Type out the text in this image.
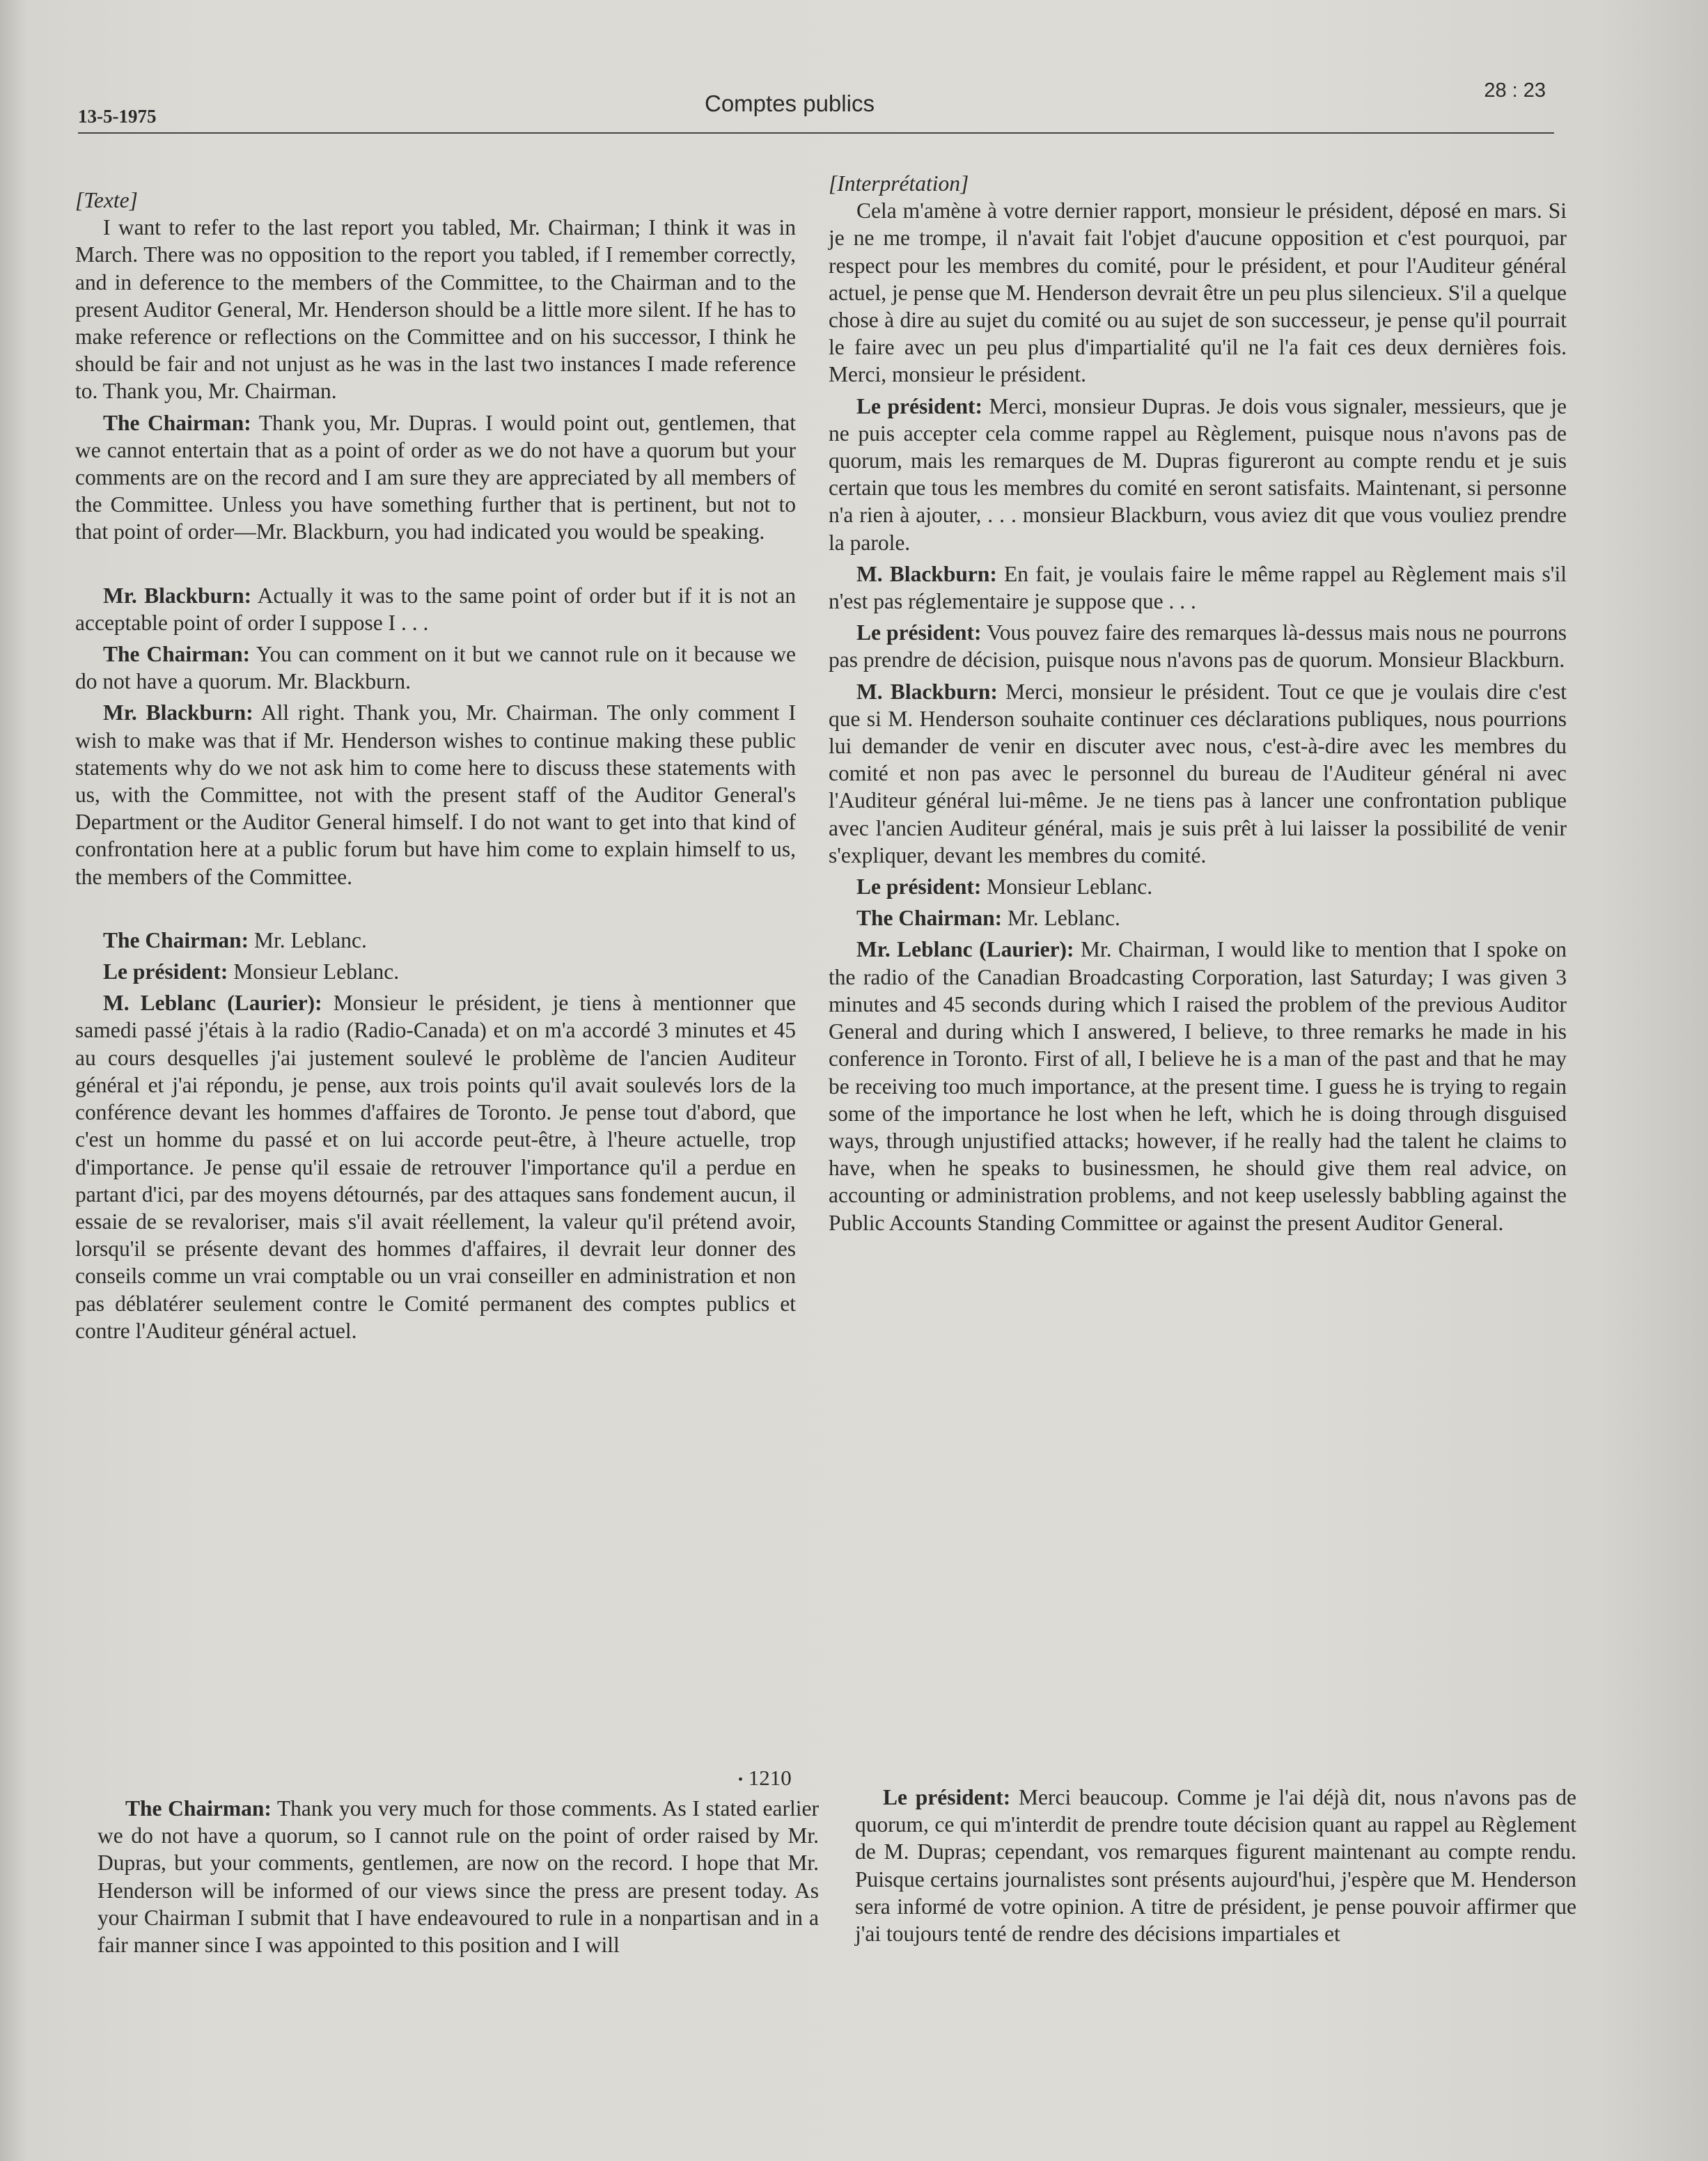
13-5-1975	Comptes publics	28 : 23

[Texte]

I want to refer to the last report you tabled, Mr. Chairman; I think it was in March. There was no opposition to the report you tabled, if I remember correctly, and in deference to the members of the Committee, to the Chairman and to the present Auditor General, Mr. Henderson should be a little more silent. If he has to make reference or reflections on the Committee and on his successor, I think he should be fair and not unjust as he was in the last two instances I made reference to. Thank you, Mr. Chairman.

The Chairman: Thank you, Mr. Dupras. I would point out, gentlemen, that we cannot entertain that as a point of order as we do not have a quorum but your comments are on the record and I am sure they are appreciated by all members of the Committee. Unless you have something further that is pertinent, but not to that point of order—Mr. Blackburn, you had indicated you would be speaking.

Mr. Blackburn: Actually it was to the same point of order but if it is not an acceptable point of order I suppose I . . .

The Chairman: You can comment on it but we cannot rule on it because we do not have a quorum. Mr. Blackburn.

Mr. Blackburn: All right. Thank you, Mr. Chairman. The only comment I wish to make was that if Mr. Henderson wishes to continue making these public statements why do we not ask him to come here to discuss these statements with us, with the Committee, not with the present staff of the Auditor General's Department or the Auditor General himself. I do not want to get into that kind of confrontation here at a public forum but have him come to explain himself to us, the members of the Committee.

The Chairman: Mr. Leblanc.

Le président: Monsieur Leblanc.

M. Leblanc (Laurier): Monsieur le président, je tiens à mentionner que samedi passé j'étais à la radio (Radio-Canada) et on m'a accordé 3 minutes et 45 au cours desquelles j'ai justement soulevé le problème de l'ancien Auditeur général et j'ai répondu, je pense, aux trois points qu'il avait soulevés lors de la conférence devant les hommes d'affaires de Toronto. Je pense tout d'abord, que c'est un homme du passé et on lui accorde peut-être, à l'heure actuelle, trop d'importance. Je pense qu'il essaie de retrouver l'importance qu'il a perdue en partant d'ici, par des moyens détournés, par des attaques sans fondement aucun, il essaie de se revaloriser, mais s'il avait réellement, la valeur qu'il prétend avoir, lorsqu'il se présente devant des hommes d'affaires, il devrait leur donner des conseils comme un vrai comptable ou un vrai conseiller en administration et non pas déblatérer seulement contre le Comité permanent des comptes publics et contre l'Auditeur général actuel.

[Interprétation]

Cela m'amène à votre dernier rapport, monsieur le président, déposé en mars. Si je ne me trompe, il n'avait fait l'objet d'aucune opposition et c'est pourquoi, par respect pour les membres du comité, pour le président, et pour l'Auditeur général actuel, je pense que M. Henderson devrait être un peu plus silencieux. S'il a quelque chose à dire au sujet du comité ou au sujet de son successeur, je pense qu'il pourrait le faire avec un peu plus d'impartialité qu'il ne l'a fait ces deux dernières fois. Merci, monsieur le président.

Le président: Merci, monsieur Dupras. Je dois vous signaler, messieurs, que je ne puis accepter cela comme rappel au Règlement, puisque nous n'avons pas de quorum, mais les remarques de M. Dupras figureront au compte rendu et je suis certain que tous les membres du comité en seront satisfaits. Maintenant, si personne n'a rien à ajouter, . . . monsieur Blackburn, vous aviez dit que vous vouliez prendre la parole.

M. Blackburn: En fait, je voulais faire le même rappel au Règlement mais s'il n'est pas réglementaire je suppose que . . .

Le président: Vous pouvez faire des remarques là-dessus mais nous ne pourrons pas prendre de décision, puisque nous n'avons pas de quorum. Monsieur Blackburn.

M. Blackburn: Merci, monsieur le président. Tout ce que je voulais dire c'est que si M. Henderson souhaite continuer ces déclarations publiques, nous pourrions lui demander de venir en discuter avec nous, c'est-à-dire avec les membres du comité et non pas avec le personnel du bureau de l'Auditeur général ni avec l'Auditeur général lui-même. Je ne tiens pas à lancer une confrontation publique avec l'ancien Auditeur général, mais je suis prêt à lui laisser la possibilité de venir s'expliquer, devant les membres du comité.

Le président: Monsieur Leblanc.

The Chairman: Mr. Leblanc.

Mr. Leblanc (Laurier): Mr. Chairman, I would like to mention that I spoke on the radio of the Canadian Broadcasting Corporation, last Saturday; I was given 3 minutes and 45 seconds during which I raised the problem of the previous Auditor General and during which I answered, I believe, to three remarks he made in his conference in Toronto. First of all, I believe he is a man of the past and that he may be receiving too much importance, at the present time. I guess he is trying to regain some of the importance he lost when he left, which he is doing through disguised ways, through unjustified attacks; however, if he really had the talent he claims to have, when he speaks to businessmen, he should give them real advice, on accounting or administration problems, and not keep uselessly babbling against the Public Accounts Standing Committee or against the present Auditor General.

• 1210

The Chairman: Thank you very much for those comments. As I stated earlier we do not have a quorum, so I cannot rule on the point of order raised by Mr. Dupras, but your comments, gentlemen, are now on the record. I hope that Mr. Henderson will be informed of our views since the press are present today. As your Chairman I submit that I have endeavoured to rule in a nonpartisan and in a fair manner since I was appointed to this position and I will

Le président: Merci beaucoup. Comme je l'ai déjà dit, nous n'avons pas de quorum, ce qui m'interdit de prendre toute décision quant au rappel au Règlement de M. Dupras; cependant, vos remarques figurent maintenant au compte rendu. Puisque certains journalistes sont présents aujourd'hui, j'espère que M. Henderson sera informé de votre opinion. A titre de président, je pense pouvoir affirmer que j'ai toujours tenté de rendre des décisions impartiales et
